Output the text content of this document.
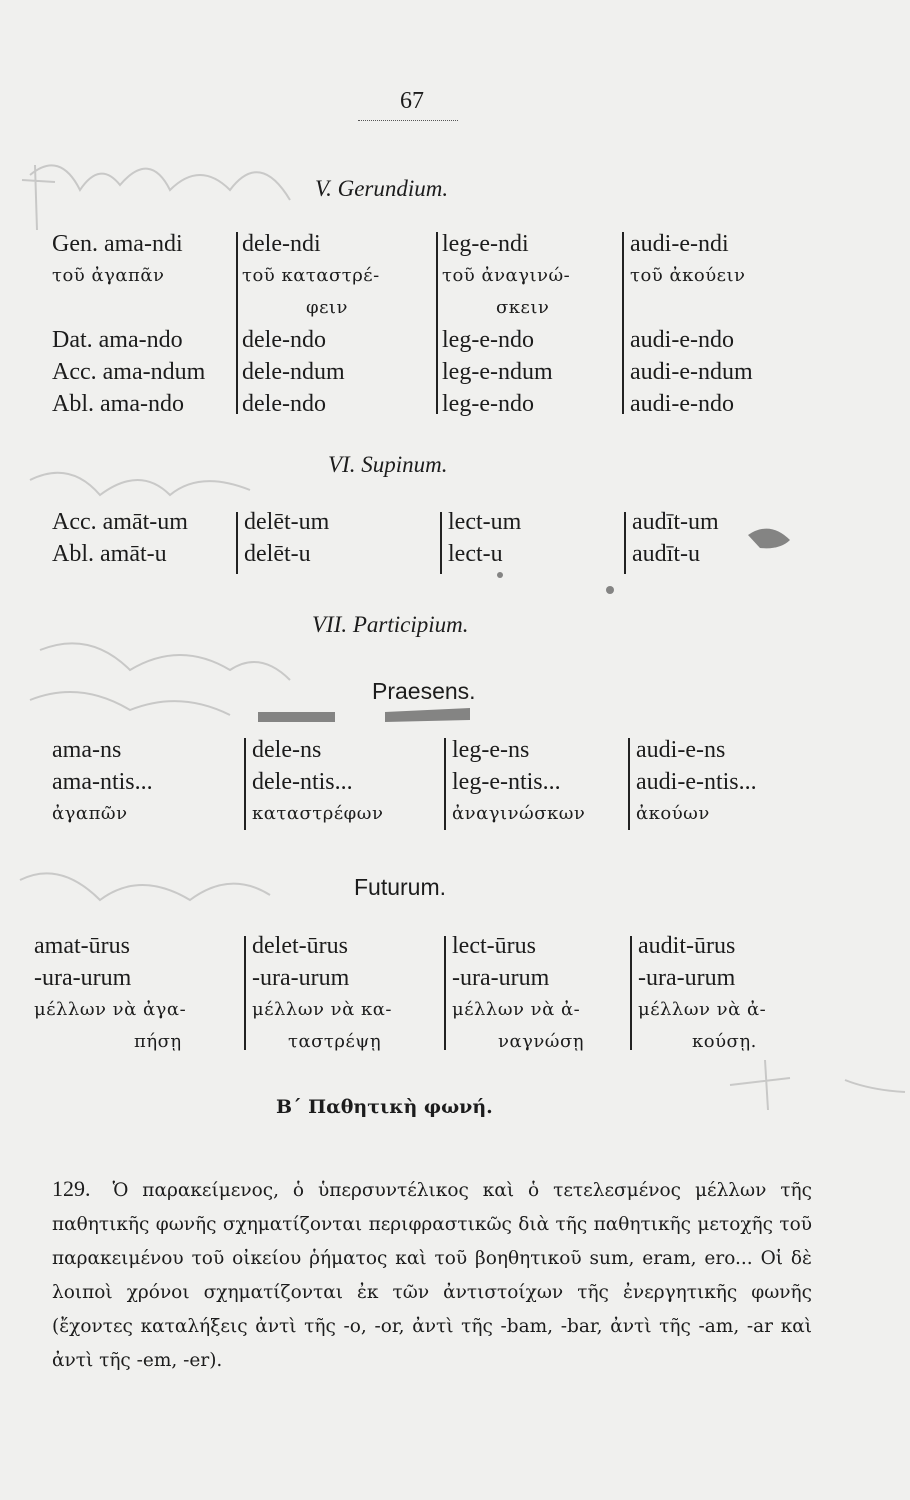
67
V. Gerundium.
Gen. ama-ndi
τοῦ ἀγαπᾶν
Dat. ama-ndo
Acc. ama-ndum
Abl. ama-ndo
dele-ndi
τοῦ καταστρέ-
φειν
dele-ndo
dele-ndum
dele-ndo
leg-e-ndi
τοῦ ἀναγινώ-
σκειν
leg-e-ndo
leg-e-ndum
leg-e-ndo
audi-e-ndi
τοῦ ἀκούειν
audi-e-ndo
audi-e-ndum
audi-e-ndo
VI. Supinum.
Acc. amāt-um
Abl. amāt-u
delēt-um
delēt-u
lect-um
lect-u
audīt-um
audīt-u
VII. Participium.
Praesens.
ama-ns
ama-ntis...
ἀγαπῶν
dele-ns
dele-ntis...
καταστρέφων
leg-e-ns
leg-e-ntis...
ἀναγινώσκων
audi-e-ns
audi-e-ntis...
ἀκούων
Futurum.
amat-ūrus
-ura-urum
μέλλων νὰ ἀγα-
πήσῃ
delet-ūrus
-ura-urum
μέλλων νὰ κα-
ταστρέψῃ
lect-ūrus
-ura-urum
μέλλων νὰ ἀ-
ναγνώσῃ
audit-ūrus
-ura-urum
μέλλων νὰ ἀ-
κούσῃ.
Β΄ Παθητικὴ φωνή.
129. Ὁ παρακείμενος, ὁ ὑπερσυντέλικος καὶ ὁ τετελεσμένος μέλλων τῆς παθητικῆς φωνῆς σχηματίζονται περιφραστικῶς διὰ τῆς παθητικῆς μετοχῆς τοῦ παρακειμένου τοῦ οἰκείου ῥήματος καὶ τοῦ βοηθητικοῦ sum, eram, ero... Οἱ δὲ λοιποὶ χρόνοι σχηματίζονται ἐκ τῶν ἀντιστοίχων τῆς ἐνεργητικῆς φωνῆς (ἔχοντες καταλήξεις ἀντὶ τῆς -o, -or, ἀντὶ τῆς -bam, -bar, ἀντὶ τῆς -am, -ar καὶ ἀντὶ τῆς -em, -er).
